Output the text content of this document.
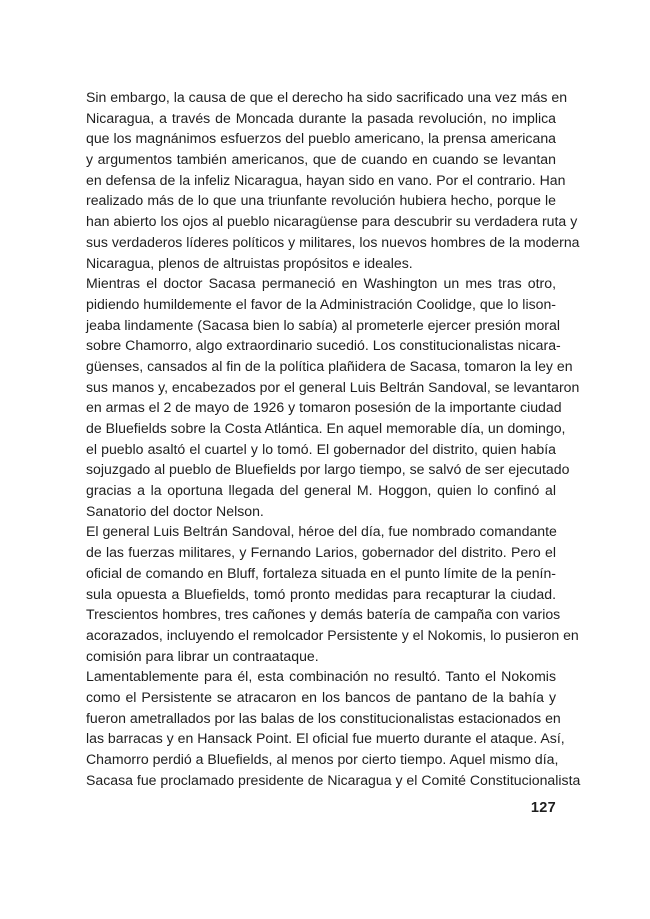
Sin embargo, la causa de que el derecho ha sido sacrificado una vez más en
Nicaragua, a través de Moncada durante la pasada revolución, no implica
que los magnánimos esfuerzos del pueblo americano, la prensa americana
y argumentos también americanos, que de cuando en cuando se levantan
en defensa de la infeliz Nicaragua, hayan sido en vano. Por el contrario. Han
realizado más de lo que una triunfante revolución hubiera hecho, porque le
han abierto los ojos al pueblo nicaragüense para descubrir su verdadera ruta y
sus verdaderos líderes políticos y militares, los nuevos hombres de la moderna
Nicaragua, plenos de altruistas propósitos e ideales.
Mientras el doctor Sacasa permaneció en Washington un mes tras otro,
pidiendo humildemente el favor de la Administración Coolidge, que lo lison-
jeaba lindamente (Sacasa bien lo sabía) al prometerle ejercer presión moral
sobre Chamorro, algo extraordinario sucedió. Los constitucionalistas nicara-
güenses, cansados al fin de la política plañidera de Sacasa, tomaron la ley en
sus manos y, encabezados por el general Luis Beltrán Sandoval, se levantaron
en armas el 2 de mayo de 1926 y tomaron posesión de la importante ciudad
de Bluefields sobre la Costa Atlántica. En aquel memorable día, un domingo,
el pueblo asaltó el cuartel y lo tomó. El gobernador del distrito, quien había
sojuzgado al pueblo de Bluefields por largo tiempo, se salvó de ser ejecutado
gracias a la oportuna llegada del general M. Hoggon, quien lo confinó al
Sanatorio del doctor Nelson.
El general Luis Beltrán Sandoval, héroe del día, fue nombrado comandante
de las fuerzas militares, y Fernando Larios, gobernador del distrito. Pero el
oficial de comando en Bluff, fortaleza situada en el punto límite de la penín-
sula opuesta a Bluefields, tomó pronto medidas para recapturar la ciudad.
Trescientos hombres, tres cañones y demás batería de campaña con varios
acorazados, incluyendo el remolcador Persistente y el Nokomis, lo pusieron en
comisión para librar un contraataque.
Lamentablemente para él, esta combinación no resultó. Tanto el Nokomis
como el Persistente se atracaron en los bancos de pantano de la bahía y
fueron ametrallados por las balas de los constitucionalistas estacionados en
las barracas y en Hansack Point. El oficial fue muerto durante el ataque. Así,
Chamorro perdió a Bluefields, al menos por cierto tiempo. Aquel mismo día,
Sacasa fue proclamado presidente de Nicaragua y el Comité Constitucionalista
127
